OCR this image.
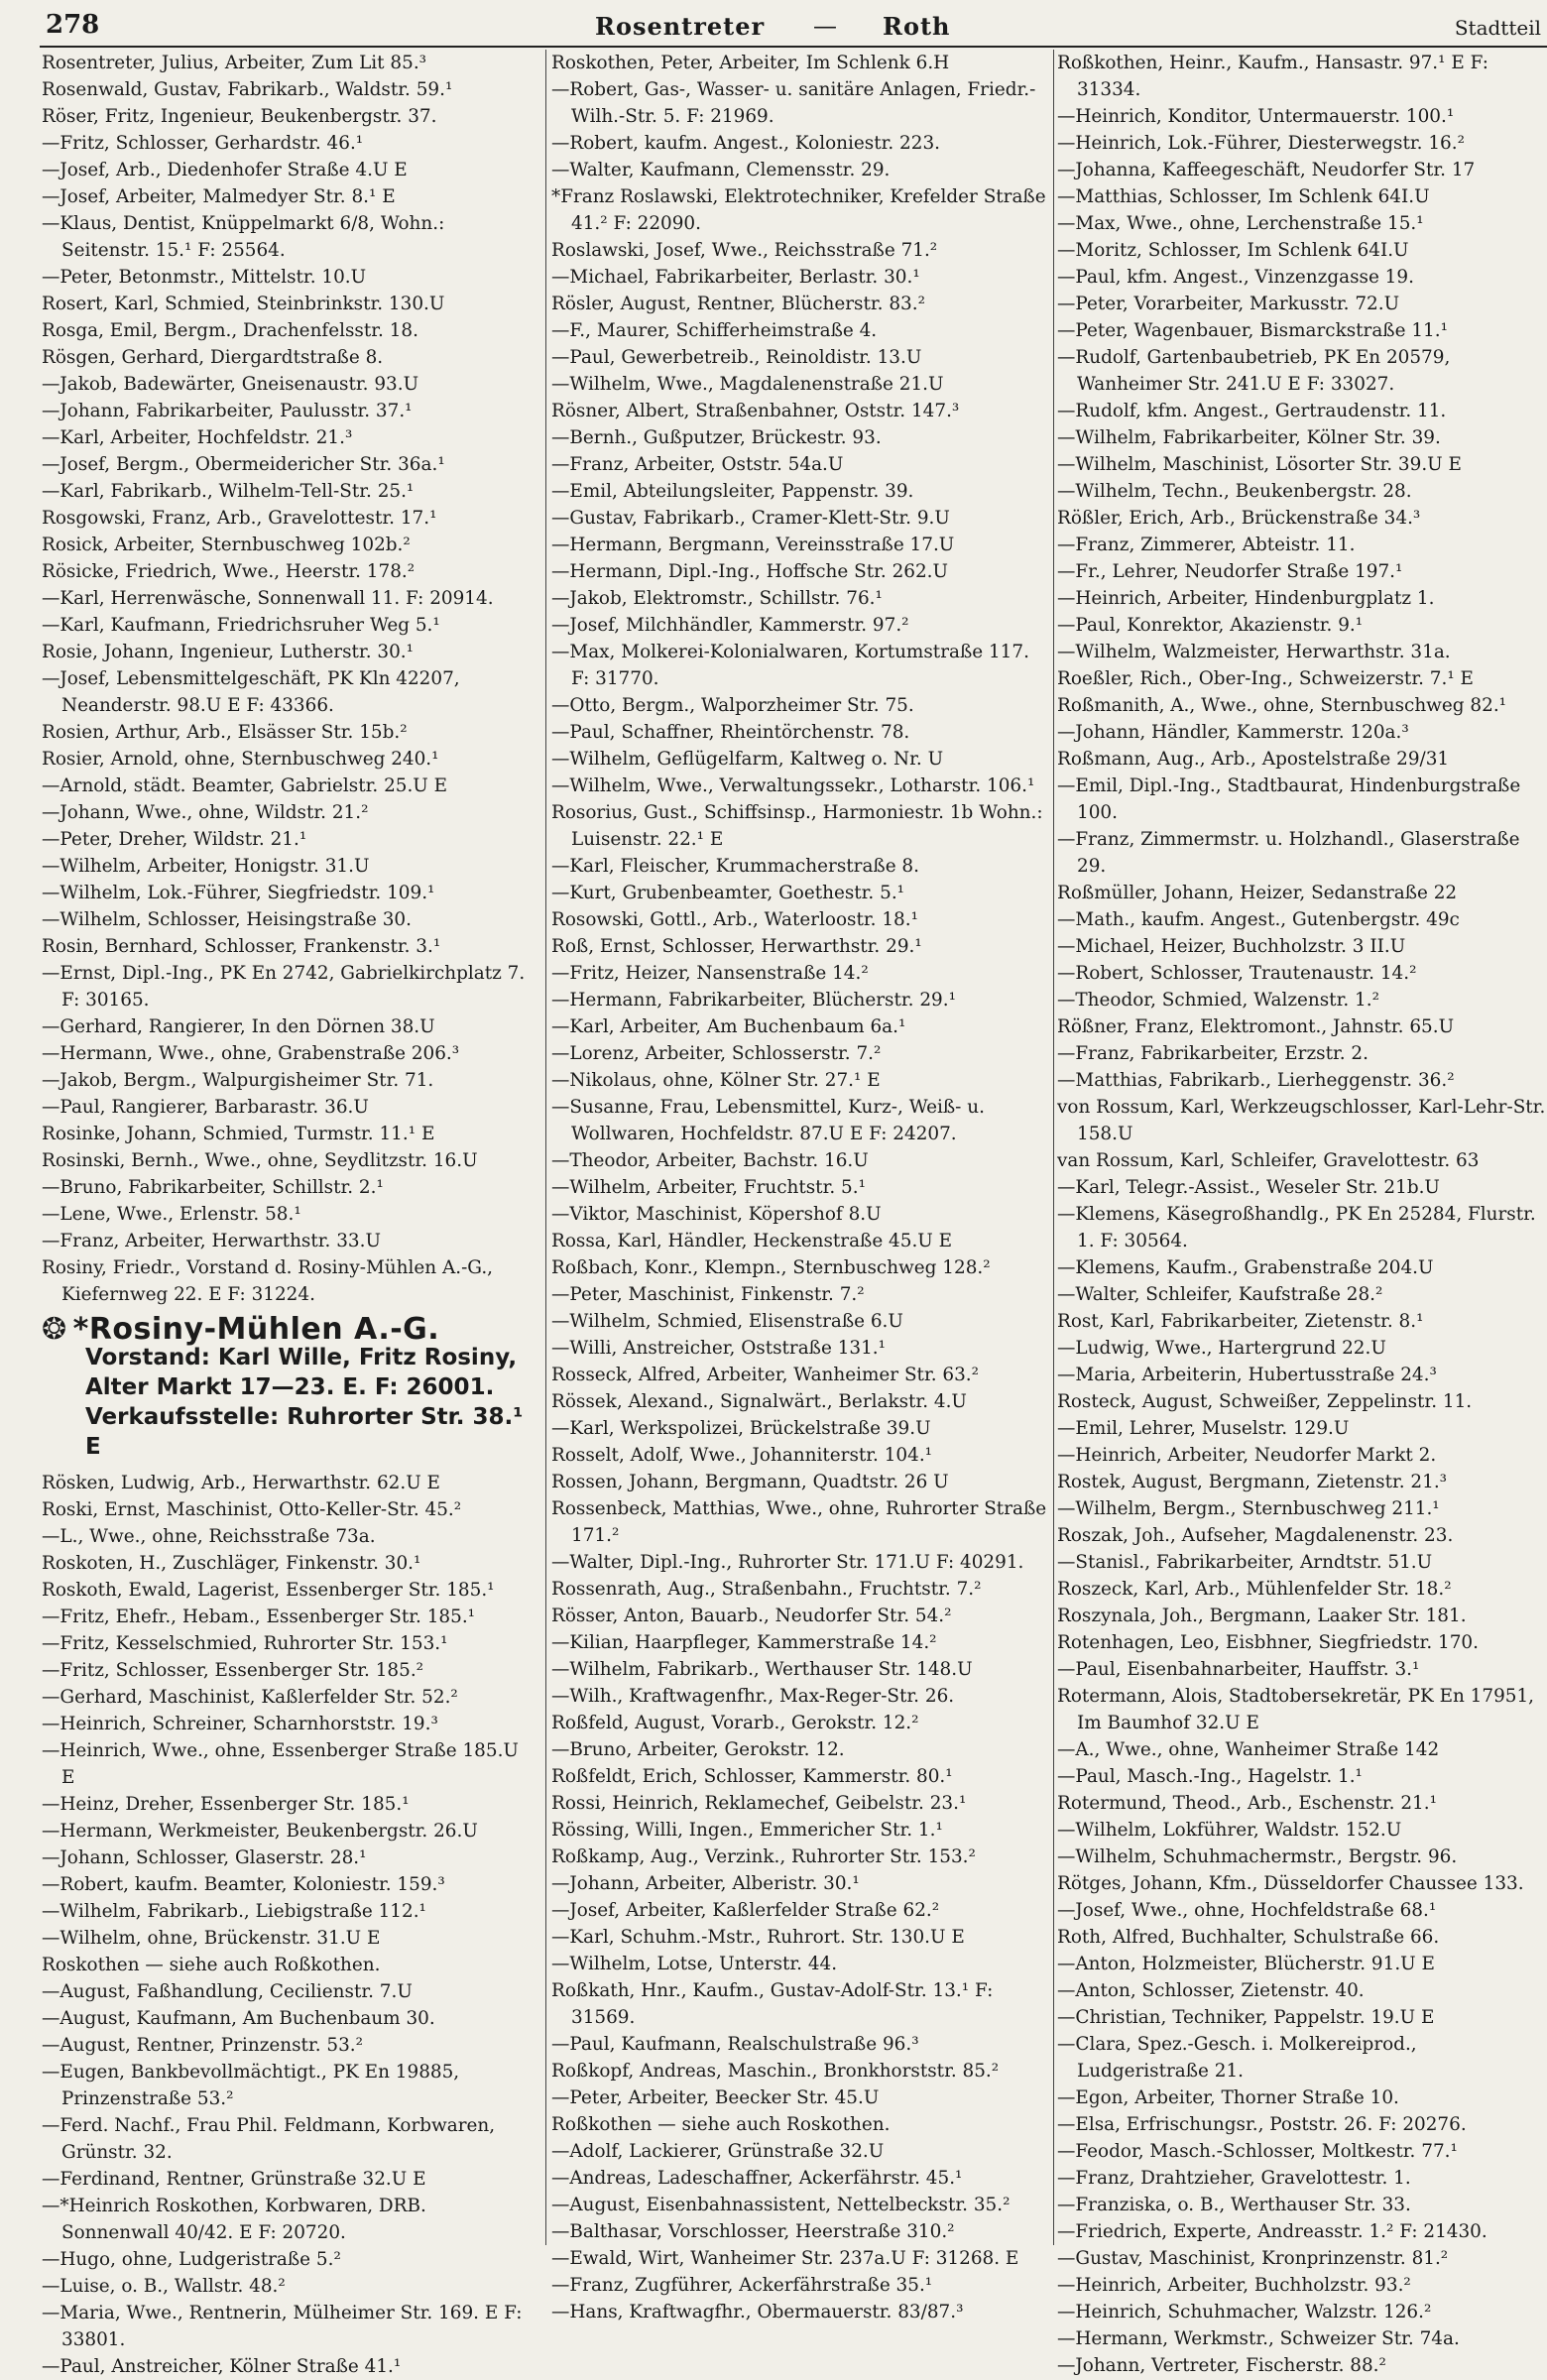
278	Rosentreter — Roth	Stadtteil
Rosentreter, Julius, Arbeiter, Zum Lit 85.³
Rosenwald, Gustav, Fabrikarb., Waldstr. 59.¹
Röser, Fritz, Ingenieur, Beukenbergstr. 37.
—Fritz, Schlosser, Gerhardstr. 46.¹
—Josef, Arb., Diedenhofer Straße 4.U E
—Josef, Arbeiter, Malmedyer Str. 8.¹ E
—Klaus, Dentist, Knüppelmarkt 6/8, Wohn.: Seitenstr. 15.¹ F: 25564.
—Peter, Betonmstr., Mittelstr. 10.U
Rosert, Karl, Schmied, Steinbrinkstr. 130.U
Rosga, Emil, Bergm., Drachenfelsstr. 18.
Rösgen, Gerhard, Diergardtstraße 8.
—Jakob, Badewärter, Gneisenaustr. 93.U
—Johann, Fabrikarbeiter, Paulusstr. 37.¹
—Karl, Arbeiter, Hochfeldstr. 21.³
—Josef, Bergm., Obermeidericher Str. 36a.¹
—Karl, Fabrikarb., Wilhelm-Tell-Str. 25.¹
Rosgowski, Franz, Arb., Gravelottestr. 17.¹
Rosick, Arbeiter, Sternbuschweg 102b.²
Rösicke, Friedrich, Wwe., Heerstr. 178.²
—Karl, Herrenwäsche, Sonnenwall 11. F: 20914.
—Karl, Kaufmann, Friedrichsruher Weg 5.¹
Rosie, Johann, Ingenieur, Lutherstr. 30.¹
—Josef, Lebensmittelgeschäft, PK Kln 42207, Neanderstr. 98.U E F: 43366.
Rosien, Arthur, Arb., Elsässer Str. 15b.²
Rosier, Arnold, ohne, Sternbuschweg 240.¹
—Arnold, städt. Beamter, Gabrielstr. 25.U E
—Johann, Wwe., ohne, Wildstr. 21.²
—Peter, Dreher, Wildstr. 21.¹
—Wilhelm, Arbeiter, Honigstr. 31.U
—Wilhelm, Lok.-Führer, Siegfriedstr. 109.¹
—Wilhelm, Schlosser, Heisingstraße 30.
Rosin, Bernhard, Schlosser, Frankenstr. 3.¹
—Ernst, Dipl.-Ing., PK En 2742, Gabrielkirchplatz 7. F: 30165.
—Gerhard, Rangierer, In den Dörnen 38.U
—Hermann, Wwe., ohne, Grabenstraße 206.³
—Jakob, Bergm., Walpurgisheimer Str. 71.
—Paul, Rangierer, Barbarastr. 36.U
Rosinke, Johann, Schmied, Turmstr. 11.¹ E
Rosinski, Bernh., Wwe., ohne, Seydlitzstr. 16.U
—Bruno, Fabrikarbeiter, Schillstr. 2.¹
—Lene, Wwe., Erlenstr. 58.¹
—Franz, Arbeiter, Herwarthstr. 33.U
Rosiny, Friedr., Vorstand d. Rosiny-Mühlen A.-G., Kiefernweg 22. E F: 31224.
❂ *Rosiny-Mühlen A.-G.
Vorstand: Karl Wille, Fritz Rosiny,
Alter Markt 17—23. E. F: 26001.
Verkaufsstelle: Ruhrorter Str. 38.¹ E
Rösken, Ludwig, Arb., Herwarthstr. 62.U E
Roski, Ernst, Maschinist, Otto-Keller-Str. 45.²
—L., Wwe., ohne, Reichsstraße 73a.
Roskoten, H., Zuschläger, Finkenstr. 30.¹
Roskoth, Ewald, Lagerist, Essenberger Str. 185.¹
—Fritz, Ehefr., Hebam., Essenberger Str. 185.¹
—Fritz, Kesselschmied, Ruhrorter Str. 153.¹
—Fritz, Schlosser, Essenberger Str. 185.²
—Gerhard, Maschinist, Kaßlerfelder Str. 52.²
—Heinrich, Schreiner, Scharnhorststr. 19.³
—Heinrich, Wwe., ohne, Essenberger Straße 185.U E
—Heinz, Dreher, Essenberger Str. 185.¹
—Hermann, Werkmeister, Beukenbergstr. 26.U
—Johann, Schlosser, Glaserstr. 28.¹
—Robert, kaufm. Beamter, Koloniestr. 159.³
—Wilhelm, Fabrikarb., Liebigstraße 112.¹
—Wilhelm, ohne, Brückenstr. 31.U E
Roskothen — siehe auch Roßkothen.
—August, Faßhandlung, Cecilienstr. 7.U
—August, Kaufmann, Am Buchenbaum 30.
—August, Rentner, Prinzenstr. 53.²
—Eugen, Bankbevollmächtigt., PK En 19885, Prinzenstraße 53.²
—Ferd. Nachf., Frau Phil. Feldmann, Korbwaren, Grünstr. 32.
—Ferdinand, Rentner, Grünstraße 32.U E
—*Heinrich Roskothen, Korbwaren, DRB. Sonnenwall 40/42. E F: 20720.
—Hugo, ohne, Ludgeristraße 5.²
—Luise, o. B., Wallstr. 48.²
—Maria, Wwe., Rentnerin, Mülheimer Str. 169. E F: 33801.
—Paul, Anstreicher, Kölner Straße 41.¹
Roskothen, Peter, Arbeiter, Im Schlenk 6.H
—Robert, Gas-, Wasser- u. sanitäre Anlagen, Friedr.-Wilh.-Str. 5. F: 21969.
—Robert, kaufm. Angest., Koloniestr. 223.
—Walter, Kaufmann, Clemensstr. 29.
*Franz Roslawski, Elektrotechniker, Krefelder Straße 41.² F: 22090.
Roslawski, Josef, Wwe., Reichsstraße 71.²
—Michael, Fabrikarbeiter, Berlastr. 30.¹
Rösler, August, Rentner, Blücherstr. 83.²
—F., Maurer, Schifferheimstraße 4.
—Paul, Gewerbetreib., Reinoldistr. 13.U
—Wilhelm, Wwe., Magdalenenstraße 21.U
Rösner, Albert, Straßenbahner, Oststr. 147.³
—Bernh., Gußputzer, Brückestr. 93.
—Franz, Arbeiter, Oststr. 54a.U
—Emil, Abteilungsleiter, Pappenstr. 39.
—Gustav, Fabrikarb., Cramer-Klett-Str. 9.U
—Hermann, Bergmann, Vereinsstraße 17.U
—Hermann, Dipl.-Ing., Hoffsche Str. 262.U
—Jakob, Elektromstr., Schillstr. 76.¹
—Josef, Milchhändler, Kammerstr. 97.²
—Max, Molkerei-Kolonialwaren, Kortumstraße 117. F: 31770.
—Otto, Bergm., Walporzheimer Str. 75.
—Paul, Schaffner, Rheintörchenstr. 78.
—Wilhelm, Geflügelfarm, Kaltweg o. Nr. U
—Wilhelm, Wwe., Verwaltungssekr., Lotharstr. 106.¹
Rosorius, Gust., Schiffsinsp., Harmoniestr. 1b Wohn.: Luisenstr. 22.¹ E
—Karl, Fleischer, Krummacherstraße 8.
—Kurt, Grubenbeamter, Goethestr. 5.¹
Rosowski, Gottl., Arb., Waterloostr. 18.¹
Roß, Ernst, Schlosser, Herwarthstr. 29.¹
—Fritz, Heizer, Nansenstraße 14.²
—Hermann, Fabrikarbeiter, Blücherstr. 29.¹
—Karl, Arbeiter, Am Buchenbaum 6a.¹
—Lorenz, Arbeiter, Schlosserstr. 7.²
—Nikolaus, ohne, Kölner Str. 27.¹ E
—Susanne, Frau, Lebensmittel, Kurz-, Weiß- u. Wollwaren, Hochfeldstr. 87.U E F: 24207.
—Theodor, Arbeiter, Bachstr. 16.U
—Wilhelm, Arbeiter, Fruchtstr. 5.¹
—Viktor, Maschinist, Köpershof 8.U
Rossa, Karl, Händler, Heckenstraße 45.U E
Roßbach, Konr., Klempn., Sternbuschweg 128.²
—Peter, Maschinist, Finkenstr. 7.²
—Wilhelm, Schmied, Elisenstraße 6.U
—Willi, Anstreicher, Oststraße 131.¹
Rosseck, Alfred, Arbeiter, Wanheimer Str. 63.²
Rössek, Alexand., Signalwärt., Berlakstr. 4.U
—Karl, Werkspolizei, Brückelstraße 39.U
Rosselt, Adolf, Wwe., Johanniterstr. 104.¹
Rossen, Johann, Bergmann, Quadtstr. 26 U
Rossenbeck, Matthias, Wwe., ohne, Ruhrorter Straße 171.²
—Walter, Dipl.-Ing., Ruhrorter Str. 171.U F: 40291.
Rossenrath, Aug., Straßenbahn., Fruchtstr. 7.²
Rösser, Anton, Bauarb., Neudorfer Str. 54.²
—Kilian, Haarpfleger, Kammerstraße 14.²
—Wilhelm, Fabrikarb., Werthauser Str. 148.U
—Wilh., Kraftwagenfhr., Max-Reger-Str. 26.
Roßfeld, August, Vorarb., Gerokstr. 12.²
—Bruno, Arbeiter, Gerokstr. 12.
Roßfeldt, Erich, Schlosser, Kammerstr. 80.¹
Rossi, Heinrich, Reklamechef, Geibelstr. 23.¹
Rössing, Willi, Ingen., Emmericher Str. 1.¹
Roßkamp, Aug., Verzink., Ruhrorter Str. 153.²
—Johann, Arbeiter, Alberistr. 30.¹
—Josef, Arbeiter, Kaßlerfelder Straße 62.²
—Karl, Schuhm.-Mstr., Ruhrort. Str. 130.U E
—Wilhelm, Lotse, Unterstr. 44.
Roßkath, Hnr., Kaufm., Gustav-Adolf-Str. 13.¹ F: 31569.
—Paul, Kaufmann, Realschulstraße 96.³
Roßkopf, Andreas, Maschin., Bronkhorststr. 85.²
—Peter, Arbeiter, Beecker Str. 45.U
Roßkothen — siehe auch Roskothen.
—Adolf, Lackierer, Grünstraße 32.U
—Andreas, Ladeschaffner, Ackerfährstr. 45.¹
—August, Eisenbahnassistent, Nettelbeckstr. 35.²
—Balthasar, Vorschlosser, Heerstraße 310.²
—Ewald, Wirt, Wanheimer Str. 237a.U F: 31268. E
—Franz, Zugführer, Ackerfährstraße 35.¹
—Hans, Kraftwagfhr., Obermauerstr. 83/87.³
Roßkothen, Heinr., Kaufm., Hansastr. 97.¹ E F: 31334.
—Heinrich, Konditor, Untermauerstr. 100.¹
—Heinrich, Lok.-Führer, Diesterwegstr. 16.²
—Johanna, Kaffeegeschäft, Neudorfer Str. 17
—Matthias, Schlosser, Im Schlenk 64I.U
—Max, Wwe., ohne, Lerchenstraße 15.¹
—Moritz, Schlosser, Im Schlenk 64I.U
—Paul, kfm. Angest., Vinzenzgasse 19.
—Peter, Vorarbeiter, Markusstr. 72.U
—Peter, Wagenbauer, Bismarckstraße 11.¹
—Rudolf, Gartenbaubetrieb, PK En 20579, Wanheimer Str. 241.U E F: 33027.
—Rudolf, kfm. Angest., Gertraudenstr. 11.
—Wilhelm, Fabrikarbeiter, Kölner Str. 39.
—Wilhelm, Maschinist, Lösorter Str. 39.U E
—Wilhelm, Techn., Beukenbergstr. 28.
Rößler, Erich, Arb., Brückenstraße 34.³
—Franz, Zimmerer, Abteistr. 11.
—Fr., Lehrer, Neudorfer Straße 197.¹
—Heinrich, Arbeiter, Hindenburgplatz 1.
—Paul, Konrektor, Akazienstr. 9.¹
—Wilhelm, Walzmeister, Herwarthstr. 31a.
Roeßler, Rich., Ober-Ing., Schweizerstr. 7.¹ E
Roßmanith, A., Wwe., ohne, Sternbuschweg 82.¹
—Johann, Händler, Kammerstr. 120a.³
Roßmann, Aug., Arb., Apostelstraße 29/31
—Emil, Dipl.-Ing., Stadtbaurat, Hindenburgstraße 100.
—Franz, Zimmermstr. u. Holzhandl., Glaserstraße 29.
Roßmüller, Johann, Heizer, Sedanstraße 22
—Math., kaufm. Angest., Gutenbergstr. 49c
—Michael, Heizer, Buchholzstr. 3 II.U
—Robert, Schlosser, Trautenaustr. 14.²
—Theodor, Schmied, Walzenstr. 1.²
Rößner, Franz, Elektromont., Jahnstr. 65.U
—Franz, Fabrikarbeiter, Erzstr. 2.
—Matthias, Fabrikarb., Lierheggenstr. 36.²
von Rossum, Karl, Werkzeugschlosser, Karl-Lehr-Str. 158.U
van Rossum, Karl, Schleifer, Gravelottestr. 63
—Karl, Telegr.-Assist., Weseler Str. 21b.U
—Klemens, Käsegroßhandlg., PK En 25284, Flurstr. 1. F: 30564.
—Klemens, Kaufm., Grabenstraße 204.U
—Walter, Schleifer, Kaufstraße 28.²
Rost, Karl, Fabrikarbeiter, Zietenstr. 8.¹
—Ludwig, Wwe., Hartergrund 22.U
—Maria, Arbeiterin, Hubertusstraße 24.³
Rosteck, August, Schweißer, Zeppelinstr. 11.
—Emil, Lehrer, Muselstr. 129.U
—Heinrich, Arbeiter, Neudorfer Markt 2.
Rostek, August, Bergmann, Zietenstr. 21.³
—Wilhelm, Bergm., Sternbuschweg 211.¹
Roszak, Joh., Aufseher, Magdalenenstr. 23.
—Stanisl., Fabrikarbeiter, Arndtstr. 51.U
Roszeck, Karl, Arb., Mühlenfelder Str. 18.²
Roszynala, Joh., Bergmann, Laaker Str. 181.
Rotenhagen, Leo, Eisbhner, Siegfriedstr. 170.
—Paul, Eisenbahnarbeiter, Hauffstr. 3.¹
Rotermann, Alois, Stadtobersekretär, PK En 17951, Im Baumhof 32.U E
—A., Wwe., ohne, Wanheimer Straße 142
—Paul, Masch.-Ing., Hagelstr. 1.¹
Rotermund, Theod., Arb., Eschenstr. 21.¹
—Wilhelm, Lokführer, Waldstr. 152.U
—Wilhelm, Schuhmachermstr., Bergstr. 96.
Rötges, Johann, Kfm., Düsseldorfer Chaussee 133.
—Josef, Wwe., ohne, Hochfeldstraße 68.¹
Roth, Alfred, Buchhalter, Schulstraße 66.
—Anton, Holzmeister, Blücherstr. 91.U E
—Anton, Schlosser, Zietenstr. 40.
—Christian, Techniker, Pappelstr. 19.U E
—Clara, Spez.-Gesch. i. Molkereiprod., Ludgeristraße 21.
—Egon, Arbeiter, Thorner Straße 10.
—Elsa, Erfrischungsr., Poststr. 26. F: 20276.
—Feodor, Masch.-Schlosser, Moltkestr. 77.¹
—Franz, Drahtzieher, Gravelottestr. 1.
—Franziska, o. B., Werthauser Str. 33.
—Friedrich, Experte, Andreasstr. 1.² F: 21430.
—Gustav, Maschinist, Kronprinzenstr. 81.²
—Heinrich, Arbeiter, Buchholzstr. 93.²
—Heinrich, Schuhmacher, Walzstr. 126.²
—Hermann, Werkmstr., Schweizer Str. 74a.
—Johann, Vertreter, Fischerstr. 88.²
